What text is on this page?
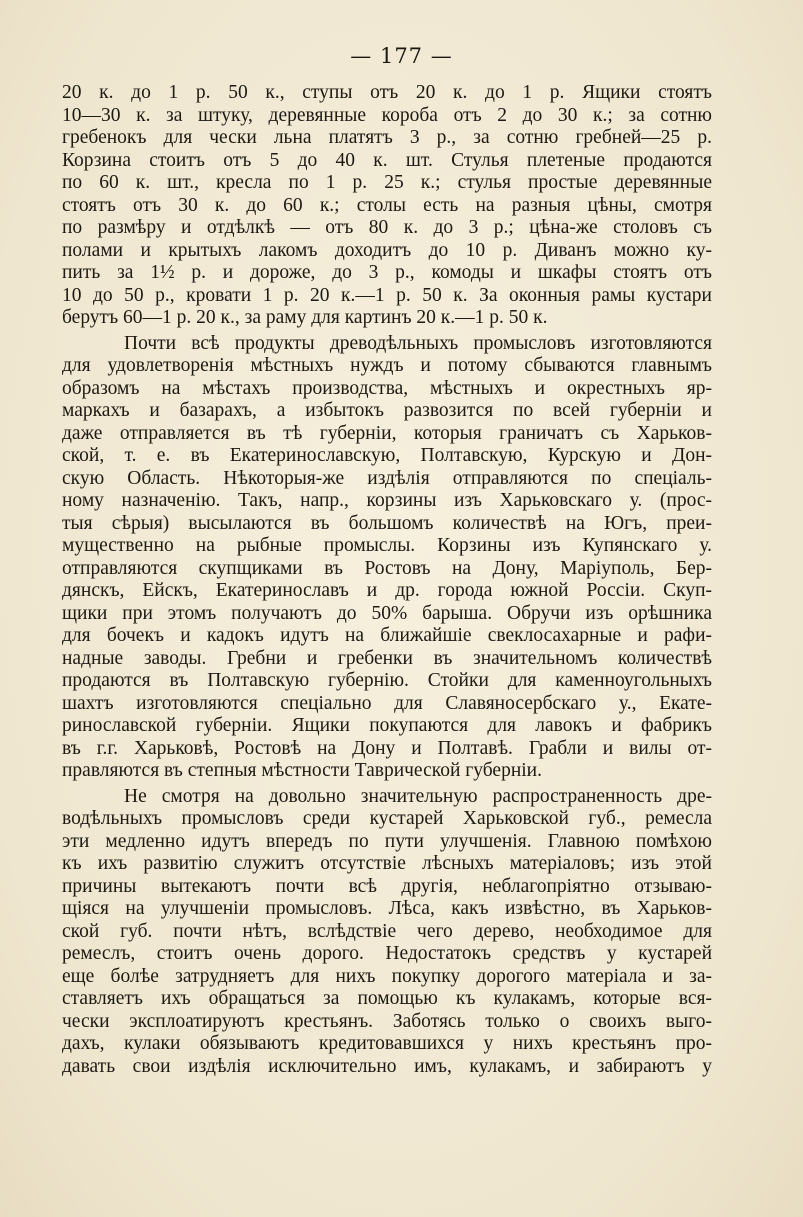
— 177 —
20 к. до 1 р. 50 к., ступы отъ 20 к. до 1 р. Ящики стоятъ
10—30 к. за штуку, деревянные короба отъ 2 до 30 к.; за сотню
гребенокъ для чески льна платятъ 3 р., за сотню гребней—25 р.
Корзина стоитъ отъ 5 до 40 к. шт. Стулья плетеные продаются
по 60 к. шт., кресла по 1 р. 25 к.; стулья простые деревянные
стоятъ отъ 30 к. до 60 к.; столы есть на разныя цѣны, смотря
по размѣру и отдѣлкѣ — отъ 80 к. до 3 р.; цѣна-же столовъ съ
полами и крытыхъ лакомъ доходитъ до 10 р. Диванъ можно ку-
пить за 1½ р. и дороже, до 3 р., комоды и шкафы стоятъ отъ
10 до 50 р., кровати 1 р. 20 к.—1 р. 50 к. За оконныя рамы кустари
берутъ 60—1 р. 20 к., за раму для картинъ 20 к.—1 р. 50 к.
Почти всѣ продукты древодѣльныхъ промысловъ изготовляются
для удовлетворенія мѣстныхъ нуждъ и потому сбываются главнымъ
образомъ на мѣстахъ производства, мѣстныхъ и окрестныхъ яр-
маркахъ и базарахъ, а избытокъ развозится по всей губерніи и
даже отправляется въ тѣ губерніи, которыя граничатъ съ Харьков-
ской, т. е. въ Екатеринославскую, Полтавскую, Курскую и Дон-
скую Область. Нѣкоторыя-же издѣлія отправляются по спеціаль-
ному назначенію. Такъ, напр., корзины изъ Харьковскаго у. (прос-
тыя сѣрыя) высылаются въ большомъ количествѣ на Югъ, преи-
мущественно на рыбные промыслы. Корзины изъ Купянскаго у.
отправляются скупщиками въ Ростовъ на Дону, Маріуполь, Бер-
дянскъ, Ейскъ, Екатеринославъ и др. города южной Россіи. Скуп-
щики при этомъ получаютъ до 50% барыша. Обручи изъ орѣшника
для бочекъ и кадокъ идутъ на ближайшіе свеклосахарные и рафи-
надные заводы. Гребни и гребенки въ значительномъ количествѣ
продаются въ Полтавскую губернію. Стойки для каменноугольныхъ
шахтъ изготовляются спеціально для Славяносербскаго у., Екате-
ринославской губерніи. Ящики покупаются для лавокъ и фабрикъ
въ г.г. Харьковѣ, Ростовѣ на Дону и Полтавѣ. Грабли и вилы от-
правляются въ степныя мѣстности Таврической губерніи.
Не смотря на довольно значительную распространенность дре-
водѣльныхъ промысловъ среди кустарей Харьковской губ., ремесла
эти медленно идутъ впередъ по пути улучшенія. Главною помѣхою
къ ихъ развитію служитъ отсутствіе лѣсныхъ матеріаловъ; изъ этой
причины вытекаютъ почти всѣ другія, неблагопріятно отзываю-
щіяся на улучшеніи промысловъ. Лѣса, какъ извѣстно, въ Харьков-
ской губ. почти нѣтъ, вслѣдствіе чего дерево, необходимое для
ремеслъ, стоитъ очень дорого. Недостатокъ средствъ у кустарей
еще болѣе затрудняетъ для нихъ покупку дорогого матеріала и за-
ставляетъ ихъ обращаться за помощью къ кулакамъ, которые вся-
чески эксплоатируютъ крестьянъ. Заботясь только о своихъ выго-
дахъ, кулаки обязываютъ кредитовавшихся у нихъ крестьянъ про-
давать свои издѣлія исключительно имъ, кулакамъ, и забираютъ у
